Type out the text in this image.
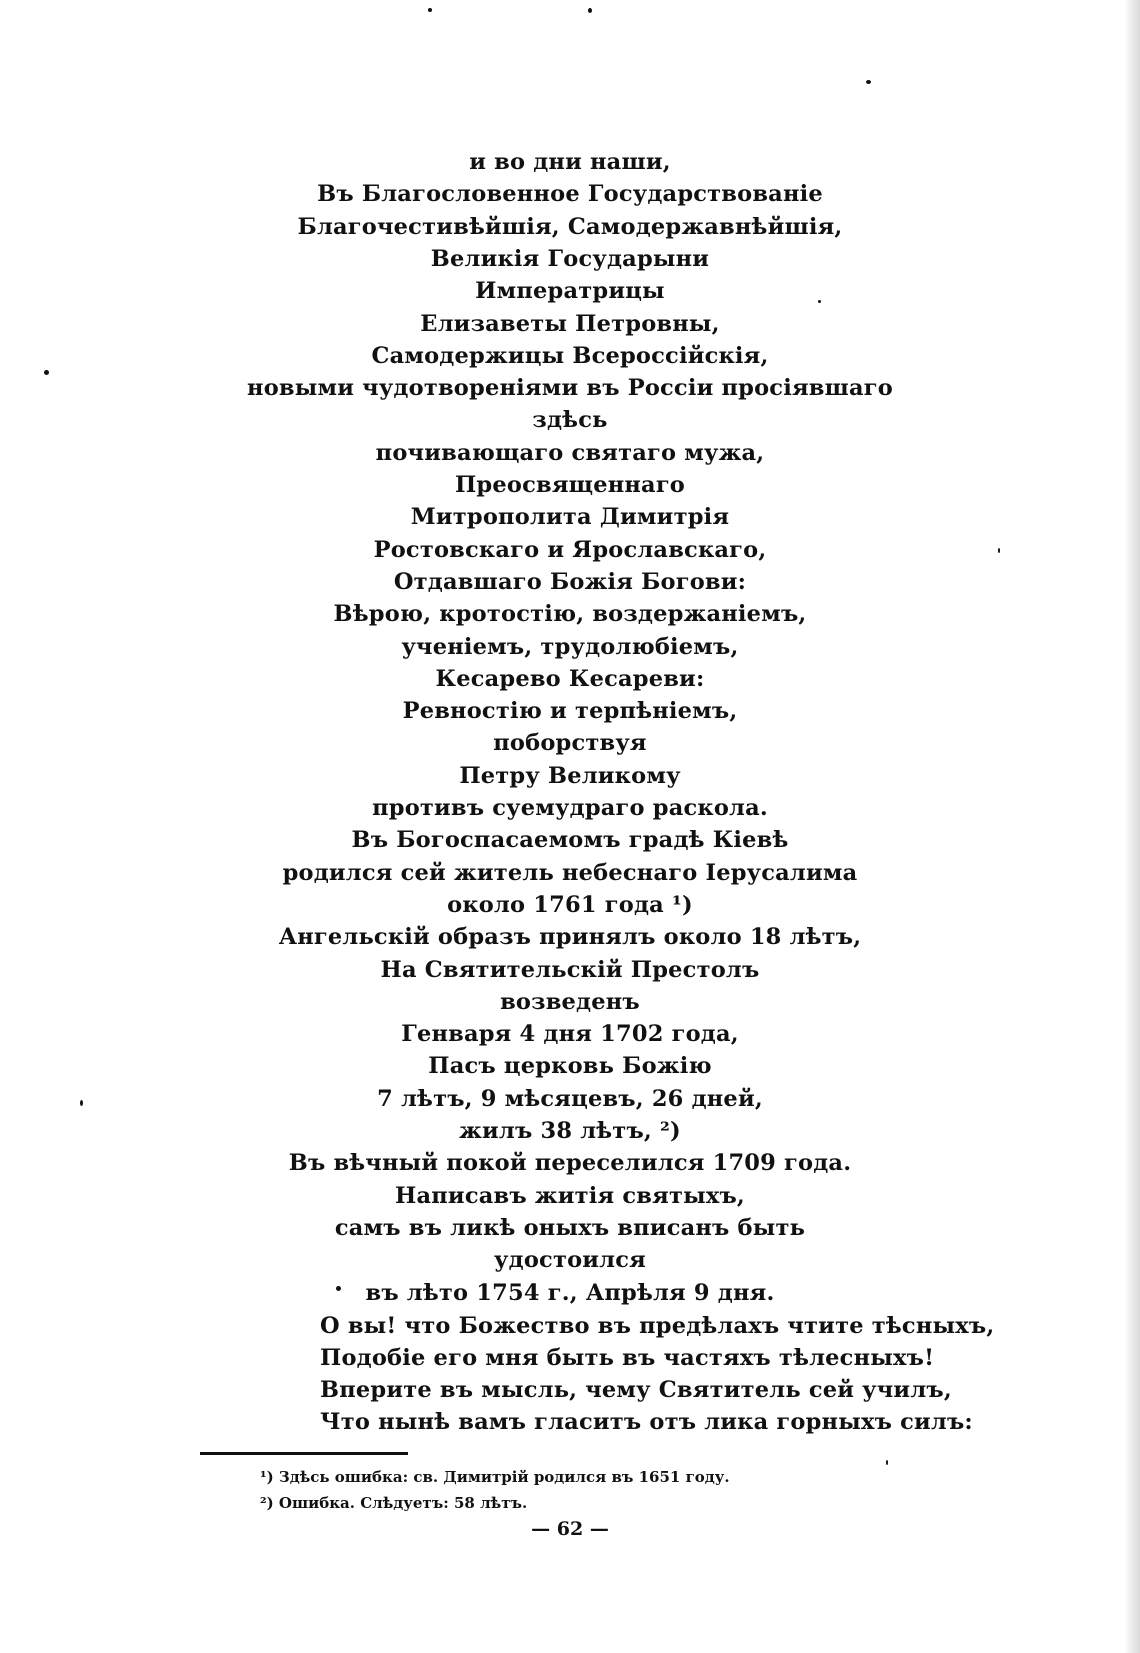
и во дни наши,
Въ Благословенное Государствованіе
Благочестивѣйшія, Самодержавнѣйшія,
Великія Государыни
Императрицы
Елизаветы Петровны,
Самодержицы Всероссійскія,
новыми чудотвореніями въ Россіи просіявшаго
здѣсь
почивающаго святаго мужа,
Преосвященнаго
Митрополита Димитрія
Ростовскаго и Ярославскаго,
Отдавшаго Божія Богови:
Вѣрою, кротостію, воздержаніемъ,
ученіемъ, трудолюбіемъ,
Кесарево Кесареви:
Ревностію и терпѣніемъ,
поборствуя
Петру Великому
противъ суемудраго раскола.
Въ Богоспасаемомъ градѣ Кіевѣ
родился сей житель небеснаго Іерусалима
около 1761 года ¹)
Ангельскій образъ принялъ около 18 лѣтъ,
На Святительскій Престолъ
возведенъ
Генваря 4 дня 1702 года,
Пасъ церковь Божію
7 лѣтъ, 9 мѣсяцевъ, 26 дней,
жилъ 38 лѣтъ, ²)
Въ вѣчный покой переселился 1709 года.
Написавъ житія святыхъ,
самъ въ ликѣ оныхъ вписанъ быть
удостоился
въ лѣто 1754 г., Апрѣля 9 дня.
О вы! что Божество въ предѣлахъ чтите тѣсныхъ,
Подобіе его мня быть въ частяхъ тѣлесныхъ!
Вперите въ мысль, чему Святитель сей училъ,
Что нынѣ вамъ гласитъ отъ лика горныхъ силъ:
¹) Здѣсь ошибка: св. Димитрій родился въ 1651 году.
²) Ошибка. Слѣдуетъ: 58 лѣтъ.
— 62 —
